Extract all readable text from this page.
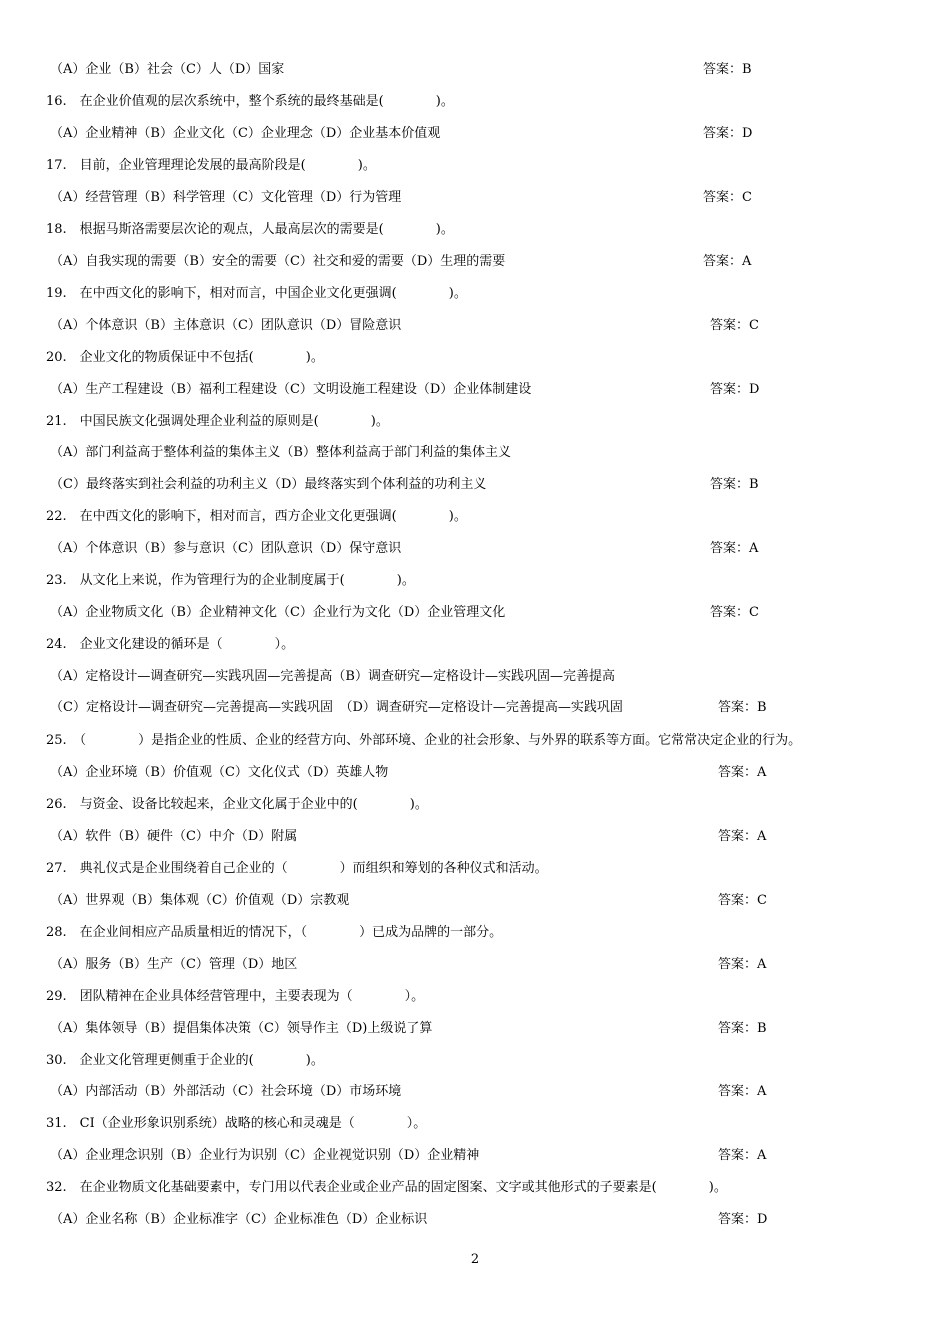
（A）企业（B）社会（C）人（D）国家	答案：B
16.　在企业价值观的层次系统中，整个系统的最终基础是(　　　　)。
（A）企业精神（B）企业文化（C）企业理念（D）企业基本价值观	答案：D
17.　目前，企业管理理论发展的最高阶段是(　　　　)。
（A）经营管理（B）科学管理（C）文化管理（D）行为管理	答案：C
18.　根据马斯洛需要层次论的观点，人最高层次的需要是(　　　　)。
（A）自我实现的需要（B）安全的需要（C）社交和爱的需要（D）生理的需要	答案：A
19.　在中西文化的影响下，相对而言，中国企业文化更强调(　　　　)。
（A）个体意识（B）主体意识（C）团队意识（D）冒险意识	答案：C
20.　企业文化的物质保证中不包括(　　　　)。
（A）生产工程建设（B）福利工程建设（C）文明设施工程建设（D）企业体制建设	答案：D
21.　中国民族文化强调处理企业利益的原则是(　　　　)。
（A）部门利益高于整体利益的集体主义（B）整体利益高于部门利益的集体主义
（C）最终落实到社会利益的功利主义（D）最终落实到个体利益的功利主义	答案：B
22.　在中西文化的影响下，相对而言，西方企业文化更强调(　　　　)。
（A）个体意识（B）参与意识（C）团队意识（D）保守意识	答案：A
23.　从文化上来说，作为管理行为的企业制度属于(　　　　)。
（A）企业物质文化（B）企业精神文化（C）企业行为文化（D）企业管理文化	答案：C
24.　企业文化建设的循环是（　　　　）。
（A）定格设计—调查研究—实践巩固—完善提高（B）调查研究—定格设计—实践巩固—完善提高
（C）定格设计—调查研究—完善提高—实践巩固　（D）调查研究—定格设计—完善提高—实践巩固	答案：B
25.　（　　　　）是指企业的性质、企业的经营方向、外部环境、企业的社会形象、与外界的联系等方面。它常常决定企业的行为。
（A）企业环境（B）价值观（C）文化仪式（D）英雄人物	答案：A
26.　与资金、设备比较起来，企业文化属于企业中的(　　　　)。
（A）软件（B）硬件（C）中介（D）附属	答案：A
27.　典礼仪式是企业围绕着自己企业的（　　　　）而组织和筹划的各种仪式和活动。
（A）世界观（B）集体观（C）价值观（D）宗教观	答案：C
28.　在企业间相应产品质量相近的情况下，（　　　　）已成为品牌的一部分。
（A）服务（B）生产（C）管理（D）地区	答案：A
29.　团队精神在企业具体经营管理中，主要表现为（　　　　）。
（A）集体领导（B）提倡集体决策（C）领导作主（D)上级说了算	答案：B
30.　企业文化管理更侧重于企业的(　　　　)。
（A）内部活动（B）外部活动（C）社会环境（D）市场环境	答案：A
31.　CI（企业形象识别系统）战略的核心和灵魂是（　　　　）。
（A）企业理念识别（B）企业行为识别（C）企业视觉识别（D）企业精神	答案：A
32.　在企业物质文化基础要素中，专门用以代表企业或企业产品的固定图案、文字或其他形式的子要素是(　　　　)。
（A）企业名称（B）企业标准字（C）企业标准色（D）企业标识	答案：D
2
